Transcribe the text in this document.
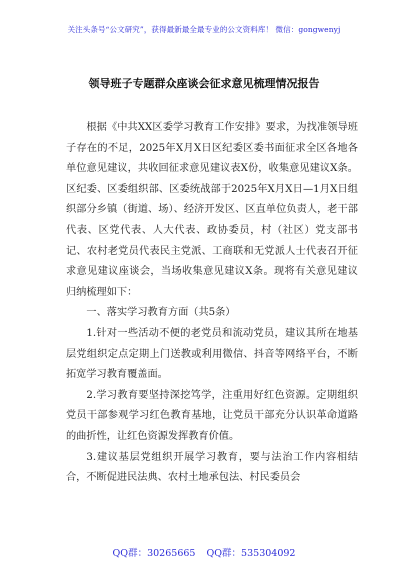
关注头条号“公文研究”，获得最新最全最专业的公文资料库！ 微信：gongwenyj
领导班子专题群众座谈会征求意见梳理情况报告

根据《中共XX区委学习教育工作安排》要求，为找准领导班子存在的不足，2025年X月X日区纪委区委书面征求全区各地各单位意见建议，共收回征求意见建议表X份，收集意见建议X条。区纪委、区委组织部、区委统战部于2025年X月X日—1月X日组织部分乡镇（街道、场）、经济开发区、区直单位负责人，老干部代表、区党代表、人大代表、政协委员，村（社区）党支部书记、农村老党员代表民主党派、工商联和无党派人士代表召开征求意见建议座谈会，当场收集意见建议X条。现将有关意见建议归纳梳理如下：

一、落实学习教育方面（共5条）

1.针对一些活动不便的老党员和流动党员，建议其所在地基层党组织定点定期上门送教或利用微信、抖音等网络平台，不断拓宽学习教育覆盖面。

2.学习教育要坚持深挖笃学，注重用好红色资源。定期组织党员干部参观学习红色教育基地，让党员干部充分认识革命道路的曲折性，让红色资源发挥教育价值。

3.建议基层党组织开展学习教育，要与法治工作内容相结合，不断促进民法典、农村土地承包法、村民委员会

QQ群：30265665 QQ群：535304092
